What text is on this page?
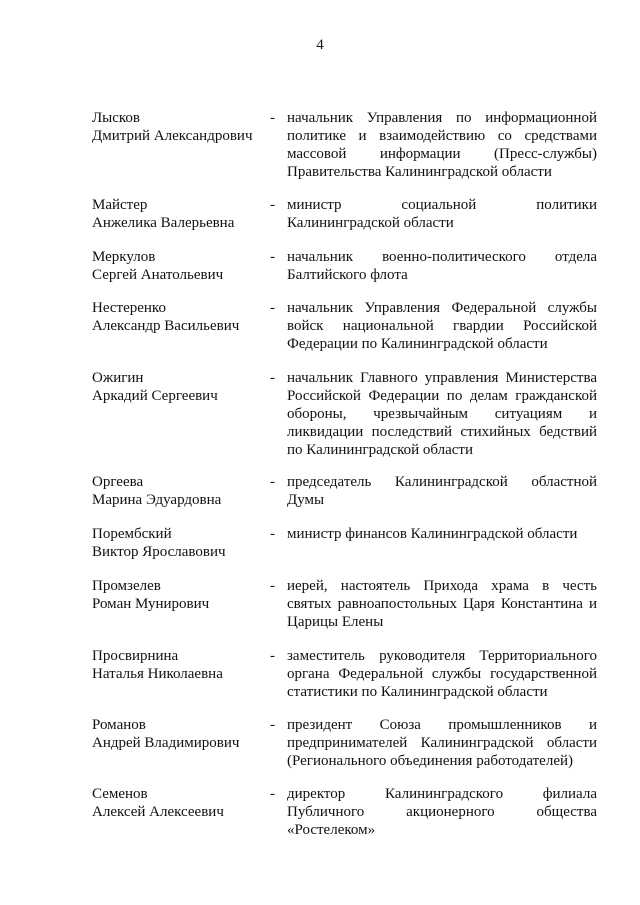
4
Лысков
Дмитрий Александрович
- начальник Управления по информационной политике и взаимодействию со средствами массовой информации (Пресс-службы) Правительства Калининградской области
Майстер
Анжелика Валерьевна
- министр социальной политики Калининградской области
Меркулов
Сергей Анатольевич
- начальник военно-политического отдела Балтийского флота
Нестеренко
Александр Васильевич
- начальник Управления Федеральной службы войск национальной гвардии Российской Федерации по Калининградской области
Ожигин
Аркадий Сергеевич
- начальник Главного управления Министерства Российской Федерации по делам гражданской обороны, чрезвычайным ситуациям и ликвидации последствий стихийных бедствий по Калининградской области
Оргеева
Марина Эдуардовна
- председатель Калининградской областной Думы
Порембский
Виктор Ярославович
- министр финансов Калининградской области
Промзелев
Роман Мунирович
- иерей, настоятель Прихода храма в честь святых равноапостольных Царя Константина и Царицы Елены
Просвирнина
Наталья Николаевна
- заместитель руководителя Территориального органа Федеральной службы государственной статистики по Калининградской области
Романов
Андрей Владимирович
- президент Союза промышленников и предпринимателей Калининградской области (Регионального объединения работодателей)
Семенов
Алексей Алексеевич
- директор Калининградского филиала Публичного акционерного общества «Ростелеком»
